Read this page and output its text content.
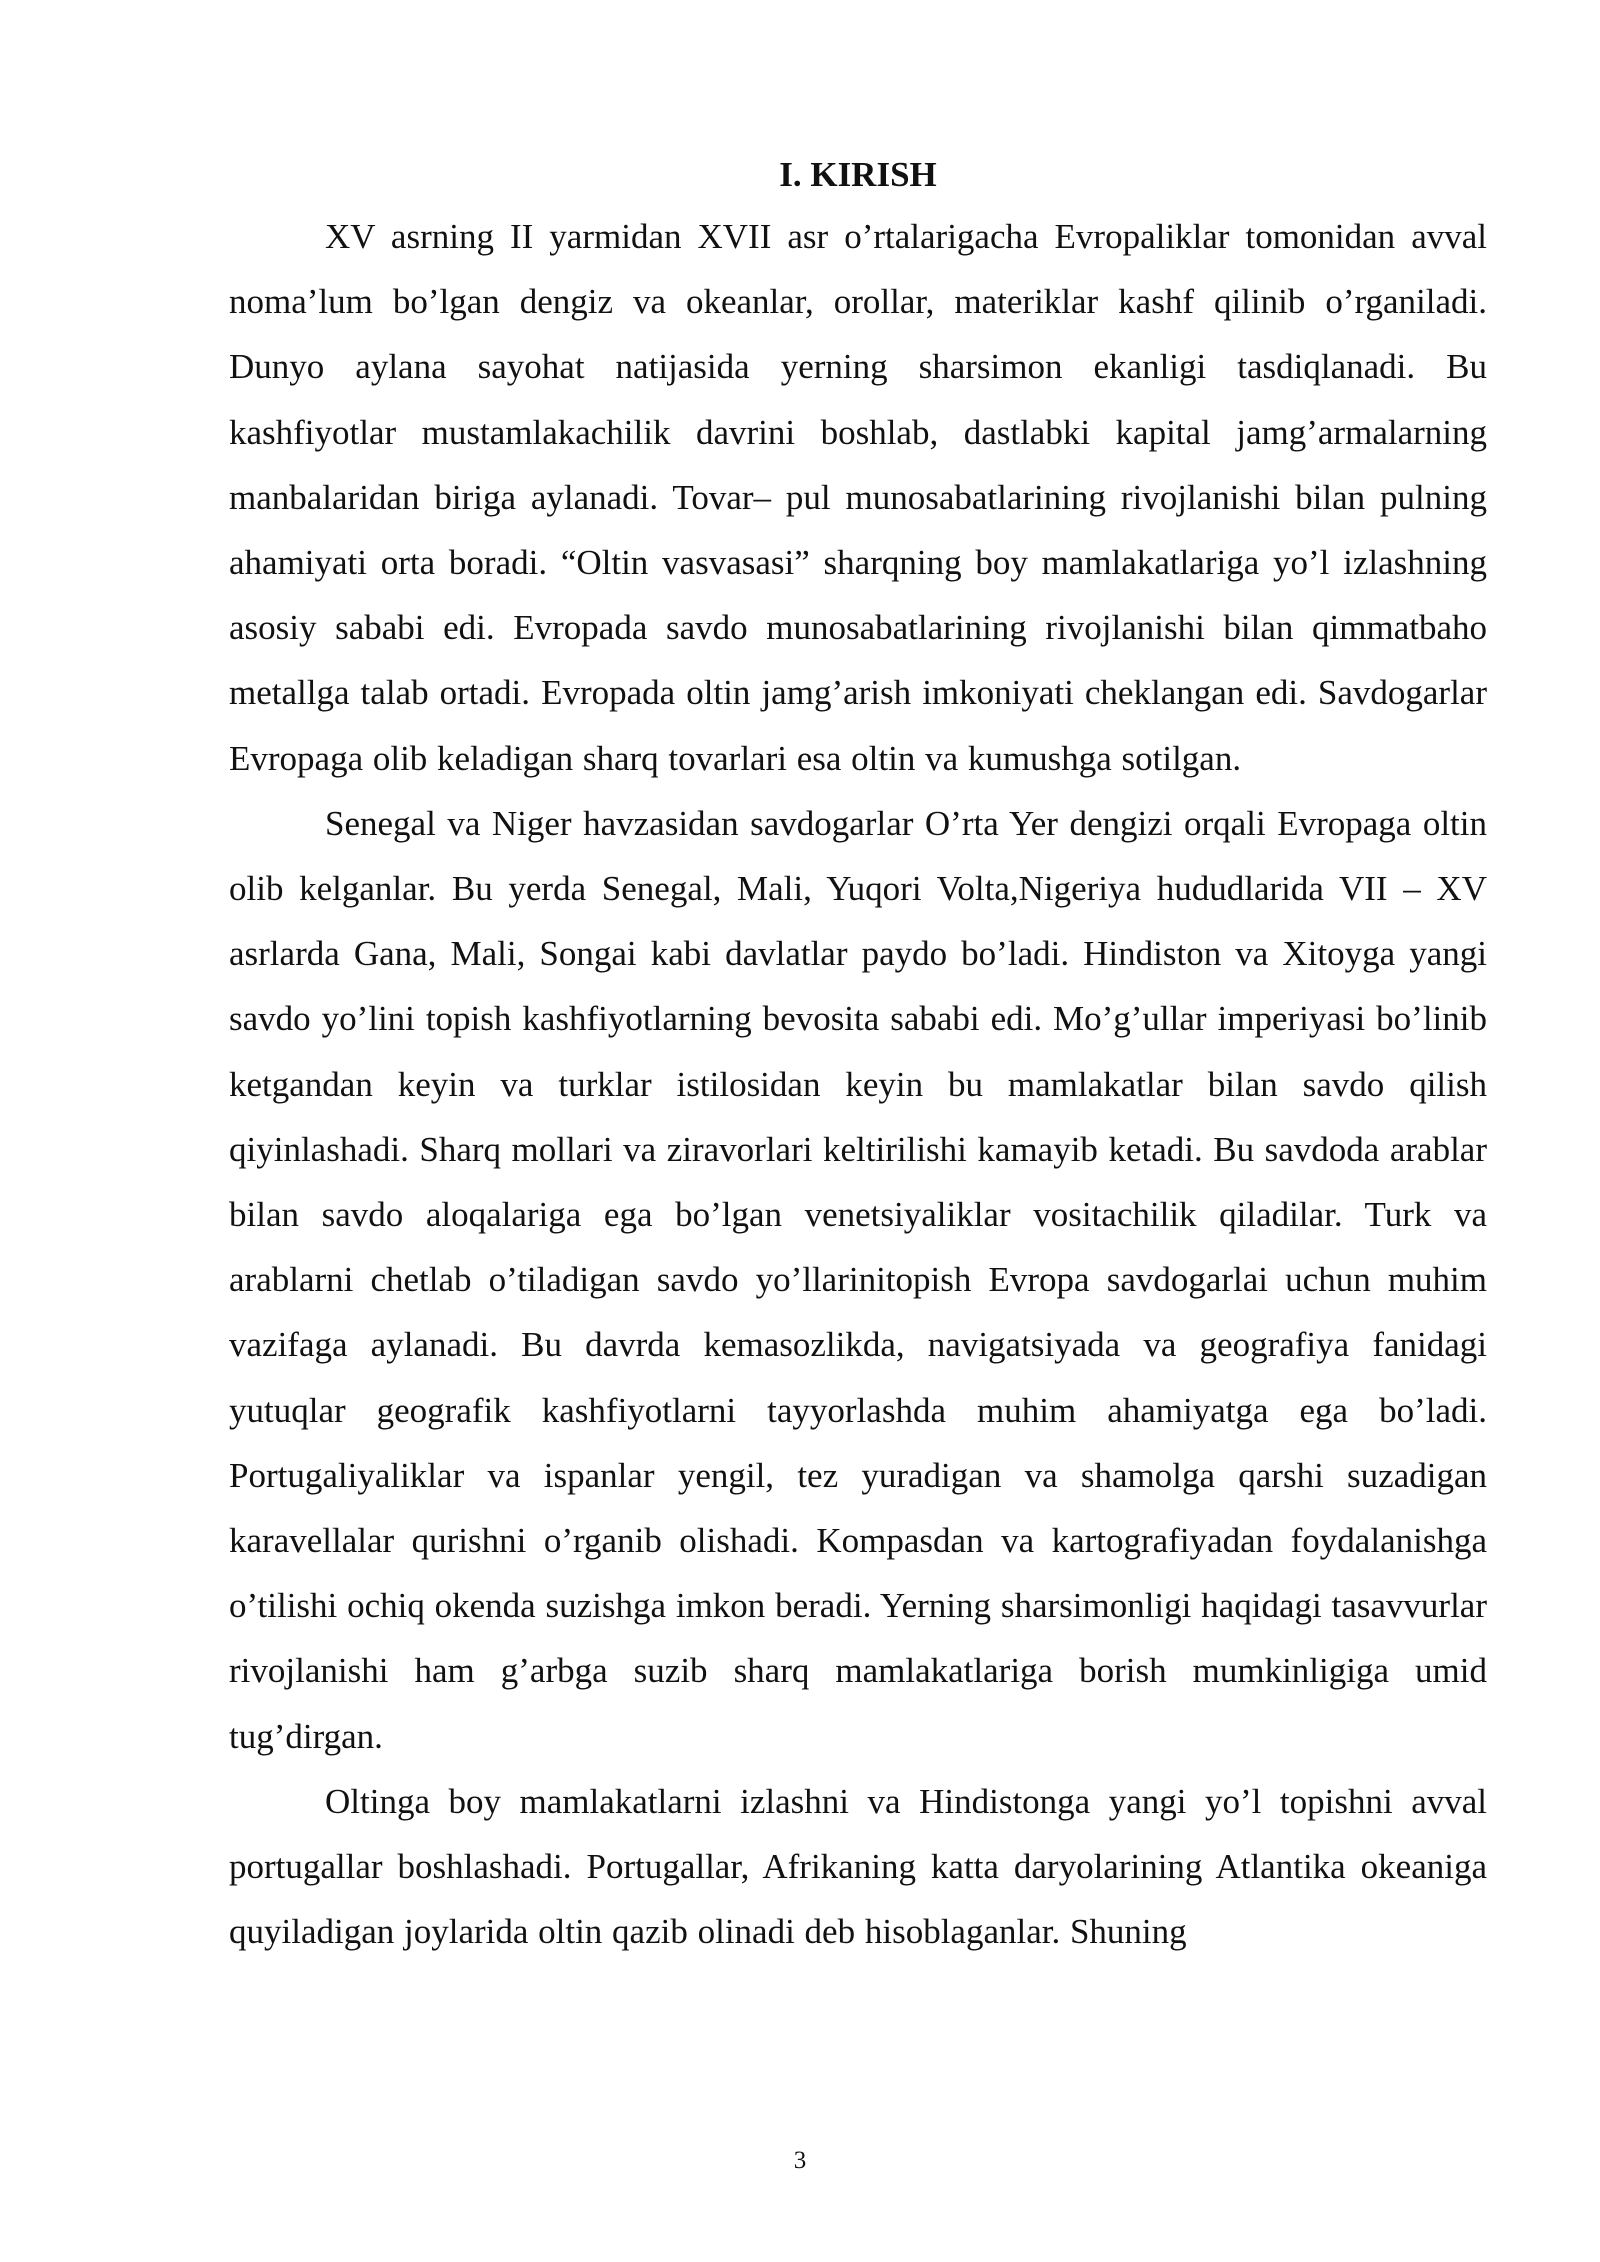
I. KIRISH

XV asrning II yarmidan XVII asr o’rtalarigacha Evropaliklar tomonidan avval noma’lum bo’lgan dengiz va okeanlar, orollar, materiklar kashf qilinib o’rganiladi. Dunyo aylana sayohat natijasida yerning sharsimon ekanligi tasdiqlanadi. Bu kashfiyotlar mustamlakachilik davrini boshlab, dastlabki kapital jamg’armalarning manbalaridan biriga aylanadi. Tovar– pul munosabatlarining rivojlanishi bilan pulning ahamiyati orta boradi. “Oltin vasvasasi” sharqning boy mamlakatlariga yo’l izlashning asosiy sababi edi. Evropada savdo munosabatlarining rivojlanishi bilan qimmatbaho metallga talab ortadi. Evropada oltin jamg’arish imkoniyati cheklangan edi. Savdogarlar Evropaga olib keladigan sharq tovarlari esa oltin va kumushga sotilgan.

Senegal va Niger havzasidan savdogarlar O’rta Yer dengizi orqali Evropaga oltin olib kelganlar. Bu yerda Senegal, Mali, Yuqori Volta,Nigeriya hududlarida VII – XV asrlarda Gana, Mali, Songai kabi davlatlar paydo bo’ladi. Hindiston va Xitoyga yangi savdo yo’lini topish kashfiyotlarning bevosita sababi edi. Mo’g’ullar imperiyasi bo’linib ketgandan keyin va turklar istilosidan keyin bu mamlakatlar bilan savdo qilish qiyinlashadi. Sharq mollari va ziravorlari keltirilishi kamayib ketadi. Bu savdoda arablar bilan savdo aloqalariga ega bo’lgan venetsiyaliklar vositachilik qiladilar. Turk va arablarni chetlab o’tiladigan savdo yo’llarinitopish Evropa savdogarlai uchun muhim vazifaga aylanadi. Bu davrda kemasozlikda, navigatsiyada va geografiya fanidagi yutuqlar geografik kashfiyotlarni tayyorlashda muhim ahamiyatga ega bo’ladi. Portugaliyaliklar va ispanlar yengil, tez yuradigan va shamolga qarshi suzadigan karavellalar qurishni o’rganib olishadi. Kompasdan va kartografiyadan foydalanishga o’tilishi ochiq okenda suzishga imkon beradi. Yerning sharsimonligi haqidagi tasavvurlar rivojlanishi ham g’arbga suzib sharq mamlakatlariga borish mumkinligiga umid tug’dirgan.

Oltinga boy mamlakatlarni izlashni va Hindistonga yangi yo’l topishni avval portugallar boshlashadi. Portugallar, Afrikaning katta daryolarining Atlantika okeaniga quyiladigan joylarida oltin qazib olinadi deb hisoblaganlar. Shuning

3
